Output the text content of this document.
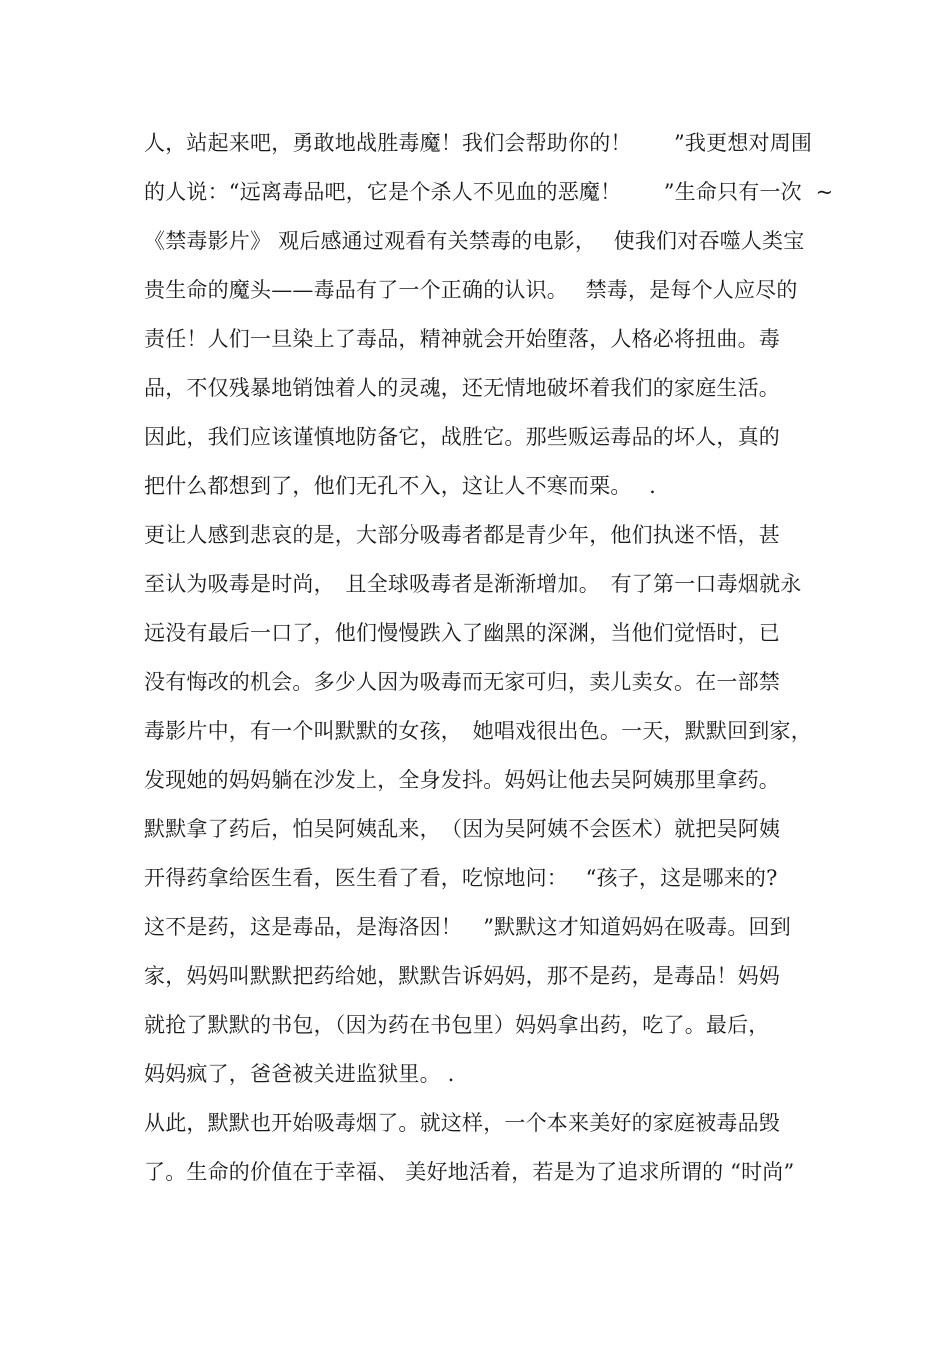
人，站起来吧，勇敢地战胜毒魔！我们会帮助你的！　　”我更想对周围
的人说：“远离毒品吧，它是个杀人不见血的恶魔！　　”生命只有一次  ~
《禁毒影片》 观后感通过观看有关禁毒的电影，　 使我们对吞噬人类宝
贵生命的魔头——毒品有了一个正确的认识。　 禁毒，是每个人应尽的
责任！人们一旦染上了毒品，精神就会开始堕落，人格必将扭曲。毒
品，不仅残暴地销蚀着人的灵魂，还无情地破坏着我们的家庭生活。
因此，我们应该谨慎地防备它，战胜它。那些贩运毒品的坏人，真的
把什么都想到了，他们无孔不入，这让人不寒而栗。　 .
更让人感到悲哀的是，大部分吸毒者都是青少年，他们执迷不悟，甚
至认为吸毒是时尚，　且全球吸毒者是渐渐增加。　有了第一口毒烟就永
远没有最后一口了，他们慢慢跌入了幽黑的深渊，当他们觉悟时，已
没有悔改的机会。多少人因为吸毒而无家可归，卖儿卖女。在一部禁
毒影片中，有一个叫默默的女孩，　她唱戏很出色。一天，默默回到家，
发现她的妈妈躺在沙发上，全身发抖。妈妈让他去吴阿姨那里拿药。
默默拿了药后，怕吴阿姨乱来，　（因为吴阿姨不会医术）就把吴阿姨
开得药拿给医生看，医生看了看，吃惊地问：　 “孩子，这是哪来的?
这不是药，这是毒品，是海洛因！　”默默这才知道妈妈在吸毒。回到
家，妈妈叫默默把药给她，默默告诉妈妈，那不是药，是毒品！妈妈
就抢了默默的书包，（因为药在书包里）妈妈拿出药，吃了。最后，
妈妈疯了，爸爸被关进监狱里。 .
从此，默默也开始吸毒烟了。就这样，一个本来美好的家庭被毒品毁
了。生命的价值在于幸福、 美好地活着，若是为了追求所谓的 “时尚”
